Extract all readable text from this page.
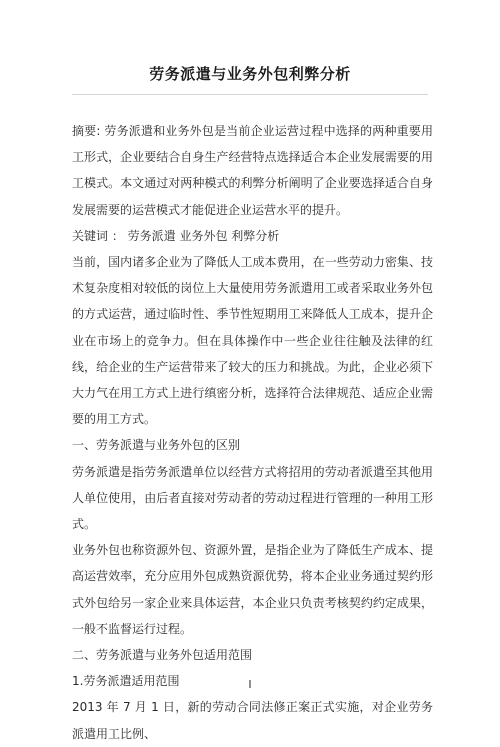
劳务派遣与业务外包利弊分析

摘要: 劳务派遣和业务外包是当前企业运营过程中选择的两种重要用工形式，企业要结合自身生产经营特点选择适合本企业发展需要的用工模式。本文通过对两种模式的利弊分析阐明了企业要选择适合自身发展需要的运营模式才能促进企业运营水平的提升。

关键词 ： 劳务派遣 业务外包 利弊分析

当前，国内诸多企业为了降低人工成本费用，在一些劳动力密集、技术复杂度相对较低的岗位上大量使用劳务派遣用工或者采取业务外包的方式运营，通过临时性、季节性短期用工来降低人工成本，提升企业在市场上的竞争力。但在具体操作中一些企业往往触及法律的红线，给企业的生产运营带来了较大的压力和挑战。为此，企业必须下大力气在用工方式上进行缜密分析，选择符合法律规范、适应企业需要的用工方式。

一、劳务派遣与业务外包的区别

劳务派遣是指劳务派遣单位以经营方式将招用的劳动者派遣至其他用人单位使用，由后者直接对劳动者的劳动过程进行管理的一种用工形式。

业务外包也称资源外包、资源外置，是指企业为了降低生产成本、提高运营效率，充分应用外包成熟资源优势，将本企业业务通过契约形式外包给另一家企业来具体运营，本企业只负责考核契约约定成果，一般不监督运行过程。

二、劳务派遣与业务外包适用范围

1.劳务派遣适用范围

2013 年 7 月 1 日，新的劳动合同法修正案正式实施，对企业劳务派遣用工比例、

I
